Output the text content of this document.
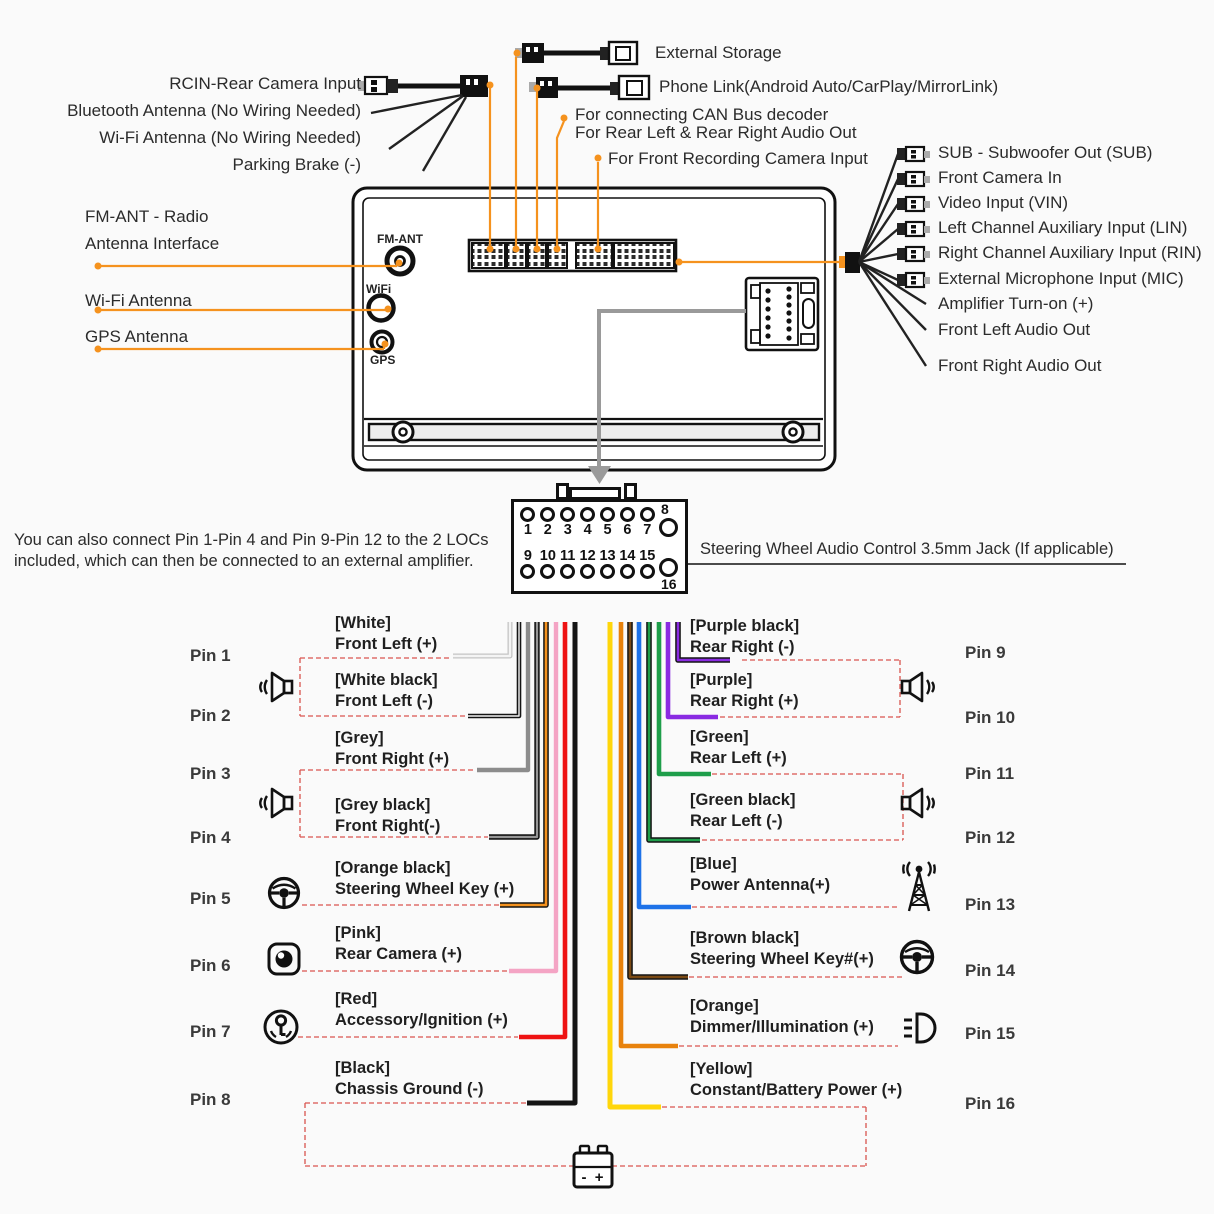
RCIN-Rear Camera Input
Bluetooth Antenna (No Wiring Needed)
Wi-Fi Antenna (No Wiring Needed)
Parking Brake (-)
External Storage
Phone Link(Android Auto/CarPlay/MirrorLink)
For connecting CAN Bus decoder
For Rear Left & Rear Right Audio Out
For Front Recording Camera Input	SUB - Subwoofer Out (SUB)
Front Camera In
Video Input (VIN)
Left Channel Auxiliary Input (LIN)
Right Channel Auxiliary Input (RIN)
External Microphone Input (MIC)
Amplifier Turn-on (+)
Front Left Audio Out
Front Right Audio Out
FM-ANT - Radio
Antenna Interface
Wi-Fi Antenna
GPS Antenna
FM-ANT
WiFi
GPS
You can also connect Pin 1-Pin 4 and Pin 9-Pin 12 to the 2 LOCs
included, which can then be connected to an external amplifier.
Steering Wheel Audio Control 3.5mm Jack (If applicable)
1 2 3 4 5 6 7
9 10 11 12 13 14 15
8
16
Pin 1
Pin 2
Pin 3
Pin 4
Pin 5
Pin 6
Pin 7
Pin 8
[White]
Front Left (+)
[White black]
Front Left (-)
[Grey]
Front Right (+)
[Grey black]
Front Right(-)
[Orange black]
Steering Wheel Key (+)
[Pink]
Rear Camera (+)
[Red]
Accessory/Ignition (+)
[Black]
Chassis Ground (-)
Pin 9
Pin 10
Pin 11
Pin 12
Pin 13
Pin 14
Pin 15
Pin 16
[Purple black]
Rear Right (-)
[Purple]
Rear Right (+)
[Green]
Rear Left (+)
[Green black]
Rear Left (-)
[Blue]
Power Antenna(+)
[Brown black]
Steering Wheel Key#(+)
[Orange]
Dimmer/Illumination (+)
[Yellow]
Constant/Battery Power (+)
- +
